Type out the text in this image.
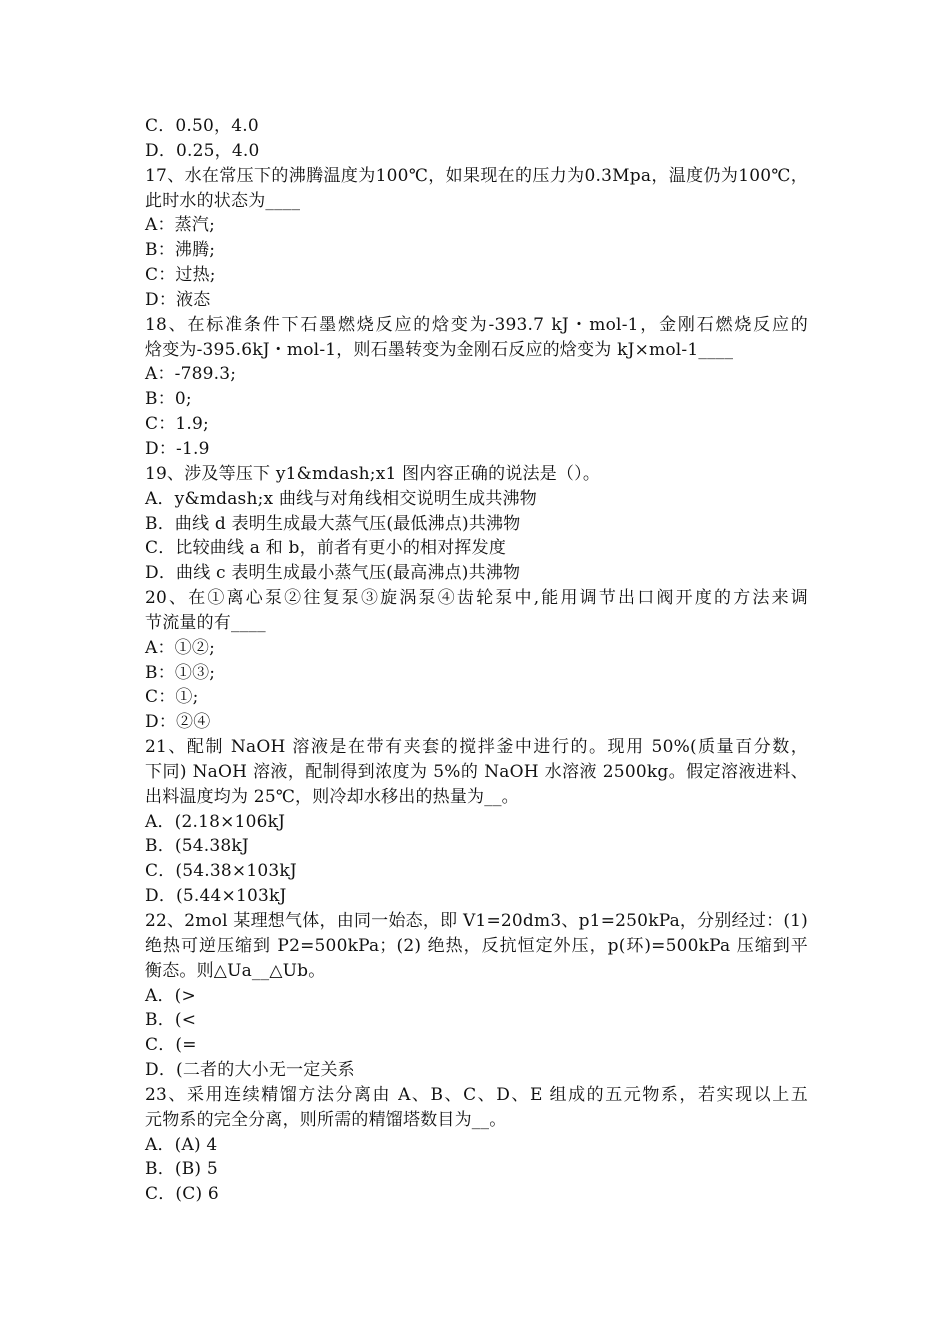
C．0.50，4.0
D．0.25，4.0
17、水在常压下的沸腾温度为100℃，如果现在的压力为0.3Mpa，温度仍为100℃，
此时水的状态为____
A：蒸汽;
B：沸腾;
C：过热;
D：液态
18、在标准条件下石墨燃烧反应的焓变为-393.7 kJ・mol-1，金刚石燃烧反应的
焓变为-395.6kJ・mol-1，则石墨转变为金刚石反应的焓变为 kJ×mol-1____
A：-789.3;
B：0;
C：1.9;
D：-1.9
19、涉及等压下 y1&mdash;x1 图内容正确的说法是（）。
A．y&mdash;x 曲线与对角线相交说明生成共沸物
B．曲线 d 表明生成最大蒸气压(最低沸点)共沸物
C．比较曲线 a 和 b，前者有更小的相对挥发度
D．曲线 c 表明生成最小蒸气压(最高沸点)共沸物
20、在①离心泵②往复泵③旋涡泵④齿轮泵中,能用调节出口阀开度的方法来调
节流量的有____
A：①②;
B：①③;
C：①;
D：②④
21、配制 NaOH 溶液是在带有夹套的搅拌釜中进行的。现用 50%(质量百分数，
下同) NaOH 溶液，配制得到浓度为 5%的 NaOH 水溶液 2500kg。假定溶液进料、
出料温度均为 25℃，则冷却水移出的热量为__。
A．(2.18×106kJ
B．(54.38kJ
C．(54.38×103kJ
D．(5.44×103kJ
22、2mol 某理想气体，由同一始态，即 V1=20dm3、p1=250kPa，分别经过：(1)
绝热可逆压缩到 P2=500kPa；(2) 绝热，反抗恒定外压，p(环)=500kPa 压缩到平
衡态。则△Ua__△Ub。
A．(>
B．(<
C．(=
D．(二者的大小无一定关系
23、采用连续精馏方法分离由 A、B、C、D、E 组成的五元物系，若实现以上五
元物系的完全分离，则所需的精馏塔数目为__。
A．(A) 4
B．(B) 5
C．(C) 6
